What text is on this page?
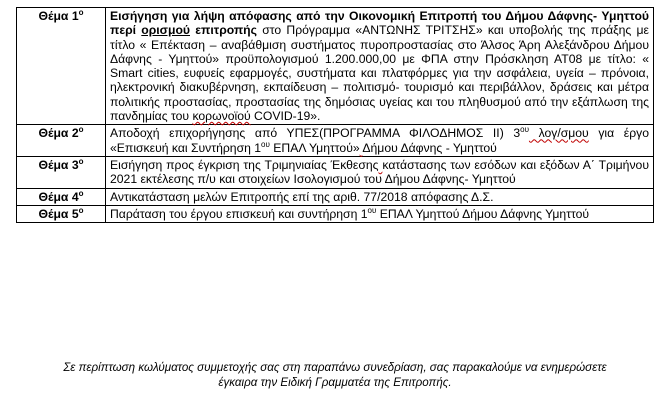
Θέμα $1^o$	Εισήγηση για λήψη απόφασης από την Οικονομική Επιτροπή του Δήμου Δάφνης- Υμηττού περί ορισμού επιτροπής στο Πρόγραμμα «ΑΝΤΩΝΗΣ ΤΡΙΤΣΗΣ» και υποβολής της πράξης με τίτλο « Επέκταση – αναβάθμιση συστήματος πυροπροστασίας στο Άλσος Άρη Αλεξάνδρου Δήμου Δάφνης - Υμηττού» προϋπολογισμού 1.200.000,00 με ΦΠΑ στην Πρόσκληση ΑΤ08 με τίτλο: « Smart cities, ευφυείς εφαρμογές, συστήματα και πλατφόρμες για την ασφάλεια, υγεία – πρόνοια, ηλεκτρονική διακυβέρνηση, εκπαίδευση – πολιτισμό- τουρισμό και περιβάλλον, δράσεις και μέτρα πολιτικής προστασίας, προστασίας της δημόσιας υγείας και του πληθυσμού από την εξάπλωση της πανδημίας του κορωνοϊού COVID-19».
Θέμα $2^o$	Αποδοχή επιχορήγησης από ΥΠΕΣ(ΠΡΟΓΡΑΜΜΑ ΦΙΛΟΔΗΜΟΣ ΙΙ) $3^{o\upsilon}$ λογ/σμου για έργο «Επισκευή και Συντήρηση $1^{o\upsilon}$ ΕΠΑΛ Υμηττού» Δήμου Δάφνης - Υμηττού
Θέμα $3^o$	Εισήγηση προς έγκριση της Τριμηνιαίας Έκθεσης κατάστασης των εσόδων και εξόδων Α΄ Τριμήνου 2021 εκτέλεσης π/υ και στοιχείων Ισολογισμού του Δήμου Δάφνης- Υμηττού
Θέμα $4^o$	Αντικατάσταση μελών Επιτροπής επί της αριθ. 77/2018 απόφασης Δ.Σ.
Θέμα $5^o$	Παράταση του έργου επισκευή και συντήρηση $1^{o\upsilon}$ ΕΠΑΛ Υμηττού Δήμου Δάφνης Υμηττού
Σε περίπτωση κωλύματος συμμετοχής σας στη παραπάνω συνεδρίαση, σας παρακαλούμε να ενημερώσετε
έγκαιρα την Ειδική Γραμματέα της Επιτροπής.
